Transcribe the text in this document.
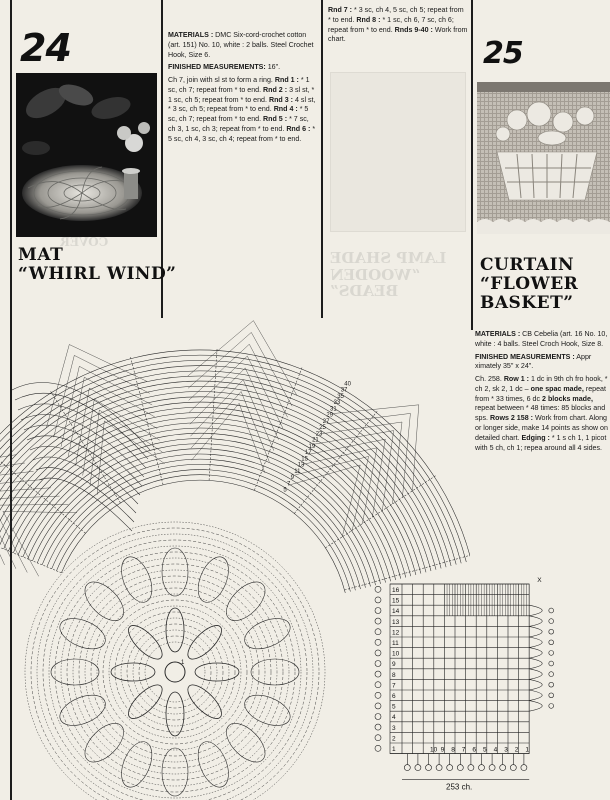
24
MAT
“WHIRL WIND”

MATERIALS : DMC Six-cord-crochet cotton (art. 151) No. 10, white : 2 balls. Steel Crochet Hook, Size 6.

FINISHED MEASUREMENTS: 16".

Ch 7, join with sl st to form a ring. Rnd 1 : * 1 sc, ch 7; repeat from * to end. Rnd 2 : 3 sl st, * 1 sc, ch 5; repeat from * to end. Rnd 3 : 4 sl st, * 3 sc, ch 5; repeat from * to end. Rnd 4 : * 5 sc, ch 7; repeat from * to end. Rnd 5 : * 7 sc, ch 3, 1 sc, ch 3; repeat from * to end. Rnd 6 : * 5 sc, ch 4, 3 sc, ch 4; repeat from * to end.

Rnd 7 : * 3 sc, ch 4, 5 sc, ch 5; repeat from * to end. Rnd 8 : * 1 sc, ch 6, 7 sc, ch 6; repeat from * to end. Rnds 9-40 : Work from chart.

LAMP SHADE
“WOODEN
BEADS”
COVER
25
CURTAIN
“FLOWER
BASKET”

MATERIALS : CB Cebelia (art. 16 No. 10, white : 4 balls. Steel Croch Hook, Size 8.

FINISHED MEASUREMENTS : Appr ximately 35" x 24".

Ch. 258. Row 1 : 1 dc in 9th ch fro hook, * ch 2, sk 2, 1 dc – one spac made, repeat from * 33 times, 6 dc 2 blocks made, repeat between * 48 times: 85 blocks and sps. Rows 2 158 : Work from chart. Along or longer side, make 14 points as show on detailed chart. Edging : * 1 s ch 1, 1 picot with 5 ch, ch 1; repea around all 4 sides.

40
37
35
33
31
29
27
25
23
21
19
17
15
13
11
9
7
5
1
16
15
14
13
12
11
10
9
8
7
6
5
4
3
2
1	10 9 8 7 6 5 4 3 2 1
253 ch.
X
